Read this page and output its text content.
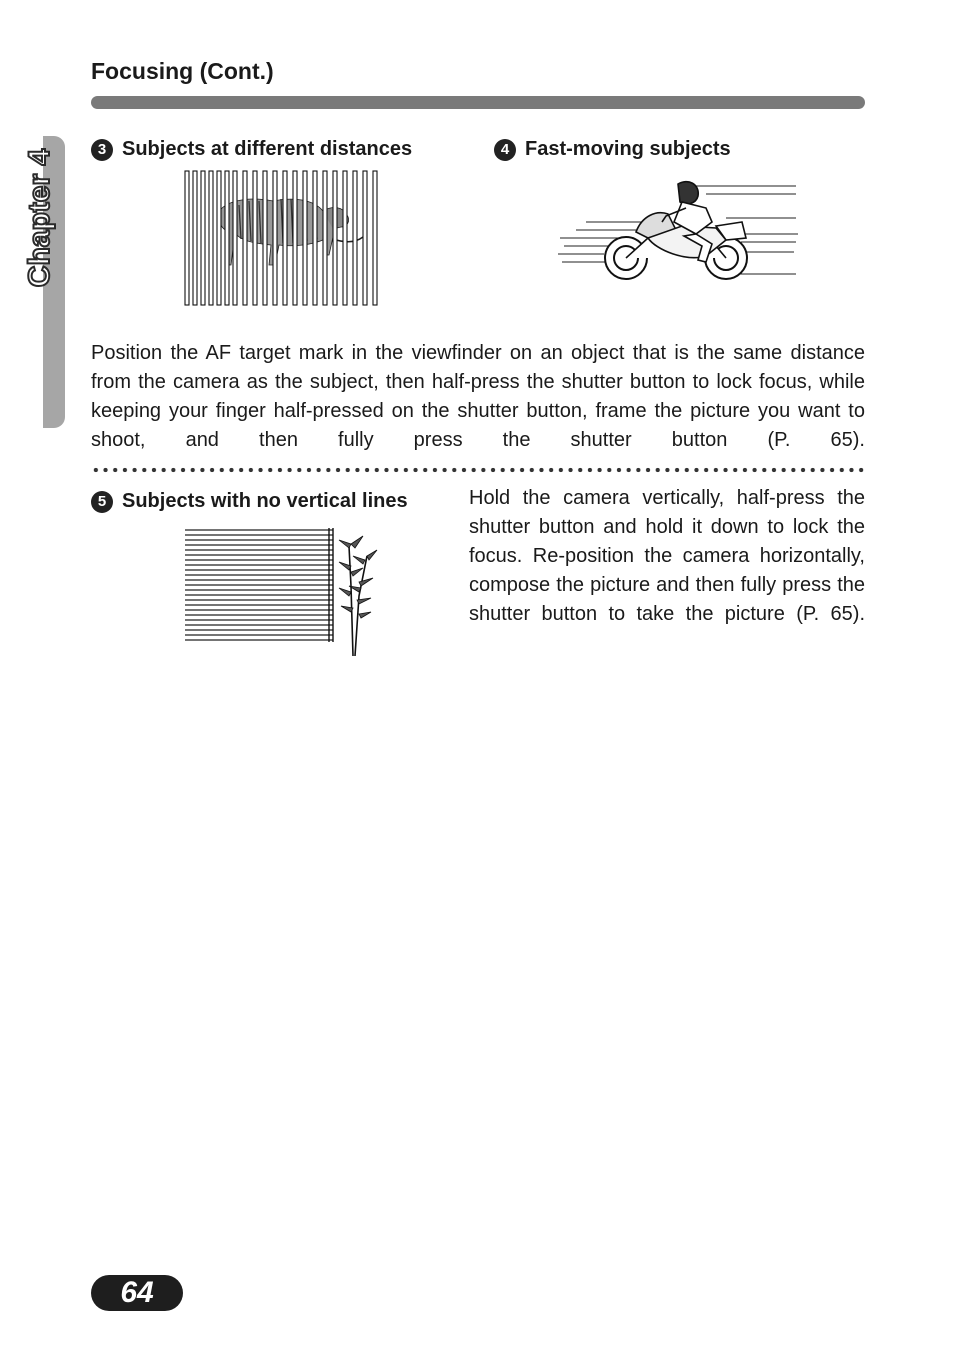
Focusing (Cont.)
Chapter 4	3 Subjects at different distances	4 Fast-moving subjects

Position the AF target mark in the viewfinder on an object that is the same distance from the camera as the subject, then half-press the shutter button to lock focus, while keeping your finger half-pressed on the shutter button, frame the picture you want to shoot, and then fully press the shutter button (P. 65).

5 Subjects with no vertical lines	Hold the camera vertically, half-press the shutter button and hold it down to lock the focus. Re-position the camera horizontally, compose the picture and then fully press the shutter button to take the picture (P. 65).

64
